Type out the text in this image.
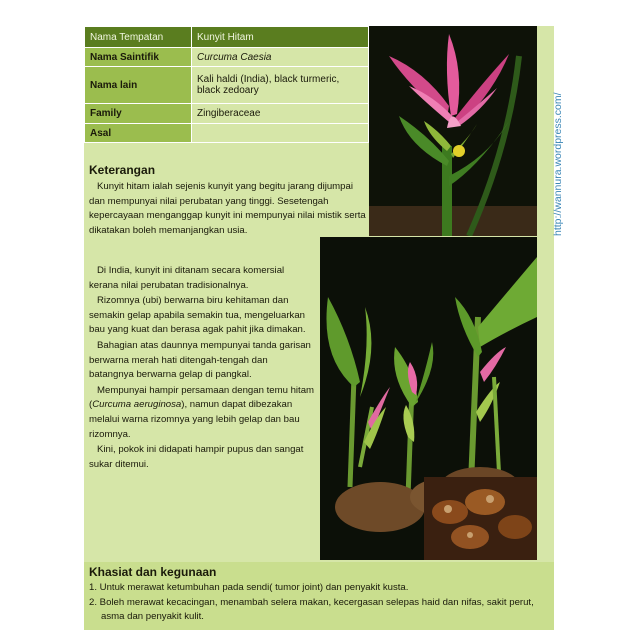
Nama Tempatan	Kunyit Hitam
Nama Saintifik	Curcuma Caesia
Nama lain	Kali haldi (India), black turmeric, black zedoary
Family	Zingiberaceae
Asal		http://wannura.wordpress.com/
Keterangan

Kunyit hitam ialah sejenis kunyit yang begitu jarang dijumpai dan mempunyai nilai perubatan yang tinggi. Sesetengah kepercayaan menganggap kunyit ini mempunyai nilai mistik serta dikatakan boleh memanjangkan usia.

Di India, kunyit ini ditanam secara komersial kerana nilai perubatan tradisionalnya.

Rizomnya (ubi) berwarna biru kehitaman dan semakin gelap apabila semakin tua, mengeluarkan bau yang kuat dan berasa agak pahit jika dimakan.

Bahagian atas daunnya mempunyai tanda garisan berwarna merah hati ditengah-tengah dan batangnya berwarna gelap di pangkal.

Mempunyai hampir persamaan dengan temu hitam (Curcuma aeruginosa), namun dapat dibezakan melalui warna rizomnya yang lebih gelap dan bau rizomnya.

Kini, pokok ini didapati hampir pupus dan sangat sukar ditemui.

Khasiat dan kegunaan
1. Untuk merawat ketumbuhan pada sendi( tumor joint) dan penyakit kusta.
2. Boleh merawat kecacingan, menambah selera makan, kecergasan selepas haid dan nifas, sakit perut, asma dan penyakit kulit.
